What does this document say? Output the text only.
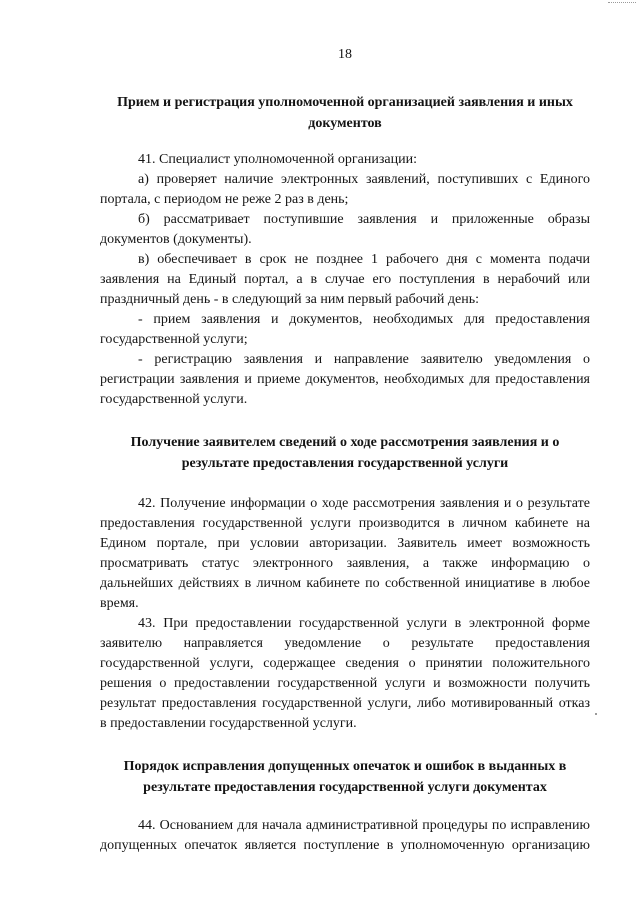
18
Прием и регистрация уполномоченной организацией заявления и иных
документов
41. Специалист уполномоченной организации:
а) проверяет наличие электронных заявлений, поступивших с Единого
портала, с периодом не реже 2 раз в день;
б) рассматривает поступившие заявления и приложенные образы
документов (документы).
в) обеспечивает в срок не позднее 1 рабочего дня с момента подачи
заявления на Единый портал, а в случае его поступления в нерабочий или
праздничный день - в следующий за ним первый рабочий день:
- прием заявления и документов, необходимых для предоставления
государственной услуги;
- регистрацию заявления и направление заявителю уведомления о
регистрации заявления и приеме документов, необходимых для предоставления
государственной услуги.
Получение заявителем сведений о ходе рассмотрения заявления и о
результате предоставления государственной услуги
42. Получение информации о ходе рассмотрения заявления и о результате
предоставления государственной услуги производится в личном кабинете на
Едином портале, при условии авторизации. Заявитель имеет возможность
просматривать статус электронного заявления, а также информацию о
дальнейших действиях в личном кабинете по собственной инициативе в любое
время.
43. При предоставлении государственной услуги в электронной форме
заявителю направляется уведомление о результате предоставления
государственной услуги, содержащее сведения о принятии положительного
решения о предоставлении государственной услуги и возможности получить
результат предоставления государственной услуги, либо мотивированный отказ
в предоставлении государственной услуги.
Порядок исправления допущенных опечаток и ошибок в выданных в
результате предоставления государственной услуги документах
44. Основанием для начала административной процедуры по исправлению
допущенных опечаток является поступление в уполномоченную организацию
